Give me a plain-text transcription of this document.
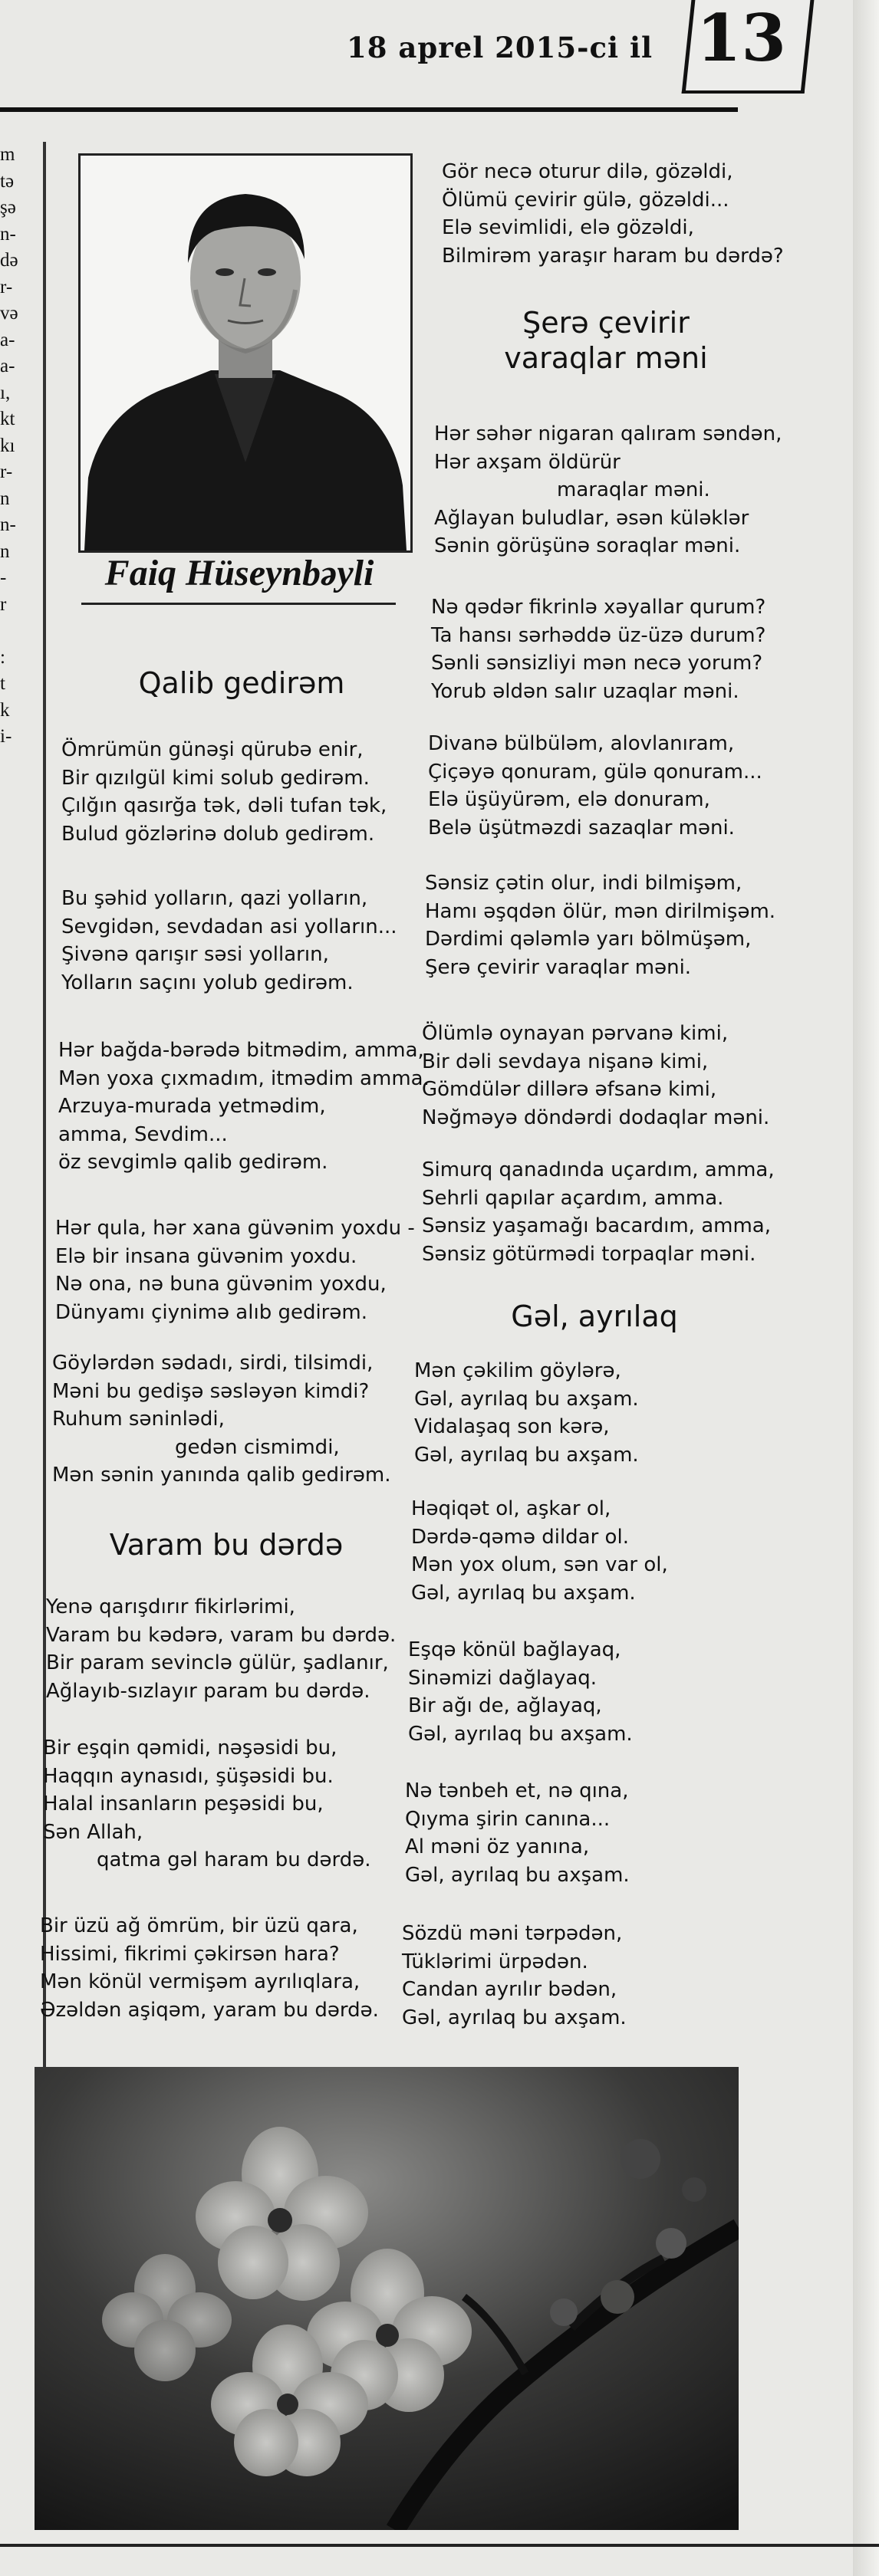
18 aprel 2015-ci il 13
m
tə
şə
n-
də
r-
və
a-
a-
ı,
kt
kı
r-
n
n-
n
-
r
:
t
k
i-
Faiq Hüseynbəyli
Qalib gedirəm
Ömrümün günəşi qürubə enir,
Bir qızılgül kimi solub gedirəm.
Çılğın qasırğa tək, dəli tufan tək,
Bulud gözlərinə dolub gedirəm.
Bu şəhid yolların, qazi yolların,
Sevgidən, sevdadan asi yolların...
Şivənə qarışır səsi yolların,
Yolların saçını yolub gedirəm.
Hər bağda-bərədə bitmədim, amma,
Mən yoxa çıxmadım, itmədim amma.
Arzuya-murada yetmədim,
amma, Sevdim...
öz sevgimlə qalib gedirəm.
Hər qula, hər xana güvənim yoxdu -
Elə bir insana güvənim yoxdu.
Nə ona, nə buna güvənim yoxdu,
Dünyamı çiynimə alıb gedirəm.
Göylərdən sədadı, sirdi, tilsimdi,
Məni bu gedişə səsləyən kimdi?
Ruhum səninlədi,
gedən cismimdi,
Mən sənin yanında qalib gedirəm.
Varam bu dərdə
Yenə qarışdırır fikirlərimi,
Varam bu kədərə, varam bu dərdə.
Bir param sevinclə gülür, şadlanır,
Ağlayıb-sızlayır param bu dərdə.
Bir eşqin qəmidi, nəşəsidi bu,
Haqqın aynasıdı, şüşəsidi bu.
Halal insanların peşəsidi bu,
Sən Allah,
qatma gəl haram bu dərdə.
Bir üzü ağ ömrüm, bir üzü qara,
Hissimi, fikrimi çəkirsən hara?
Mən könül vermişəm ayrılıqlara,
Əzəldən aşiqəm, yaram bu dərdə.
Gör necə oturur dilə, gözəldi,
Ölümü çevirir gülə, gözəldi...
Elə sevimlidi, elə gözəldi,
Bilmirəm yaraşır haram bu dərdə?
Şerə çevirir
varaqlar məni
Hər səhər nigaran qalıram səndən,
Hər axşam öldürür
maraqlar məni.
Ağlayan buludlar, əsən küləklər
Sənin görüşünə soraqlar məni.
Nə qədər fikrinlə xəyallar qurum?
Ta hansı sərhəddə üz-üzə durum?
Sənli sənsizliyi mən necə yorum?
Yorub əldən salır uzaqlar məni.
Divanə bülbüləm, alovlanıram,
Çiçəyə qonuram, gülə qonuram...
Elə üşüyürəm, elə donuram,
Belə üşütməzdi sazaqlar məni.
Sənsiz çətin olur, indi bilmişəm,
Hamı əşqdən ölür, mən dirilmişəm.
Dərdimi qələmlə yarı bölmüşəm,
Şerə çevirir varaqlar məni.
Ölümlə oynayan pərvanə kimi,
Bir dəli sevdaya nişanə kimi,
Gömdülər dillərə əfsanə kimi,
Nəğməyə döndərdi dodaqlar məni.
Simurq qanadında uçardım, amma,
Sehrli qapılar açardım, amma.
Sənsiz yaşamağı bacardım, amma,
Sənsiz götürmədi torpaqlar məni.
Gəl, ayrılaq
Mən çəkilim göylərə,
Gəl, ayrılaq bu axşam.
Vidalaşaq son kərə,
Gəl, ayrılaq bu axşam.
Həqiqət ol, aşkar ol,
Dərdə-qəmə dildar ol.
Mən yox olum, sən var ol,
Gəl, ayrılaq bu axşam.
Eşqə könül bağlayaq,
Sinəmizi dağlayaq.
Bir ağı de, ağlayaq,
Gəl, ayrılaq bu axşam.
Nə tənbeh et, nə qına,
Qıyma şirin canına...
Al məni öz yanına,
Gəl, ayrılaq bu axşam.
Sözdü məni tərpədən,
Tüklərimi ürpədən.
Candan ayrılır bədən,
Gəl, ayrılaq bu axşam.
